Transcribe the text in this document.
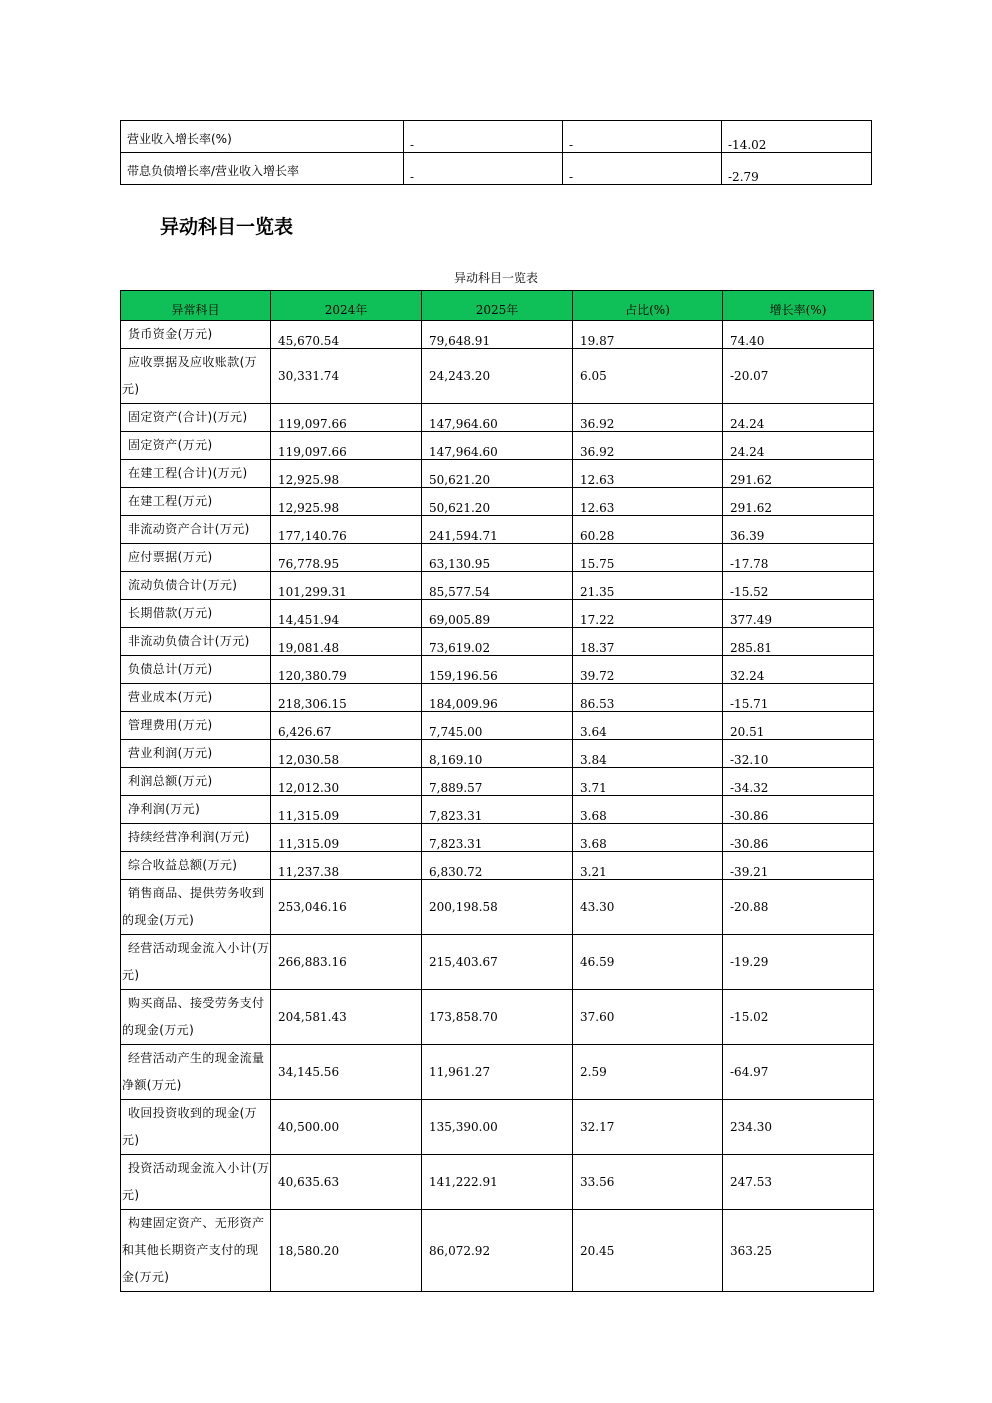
营业收入增长率(%)	-	-	-14.02
带息负债增长率/营业收入增长率	-	-	-2.79
异动科目一览表
异动科目一览表
异常科目	2024年	2025年	占比(%)	增长率(%)
货币资金(万元)	45,670.54	79,648.91	19.87	74.40
应收票据及应收账款(万元)	30,331.74	24,243.20	6.05	-20.07
固定资产(合计)(万元)	119,097.66	147,964.60	36.92	24.24
固定资产(万元)	119,097.66	147,964.60	36.92	24.24
在建工程(合计)(万元)	12,925.98	50,621.20	12.63	291.62
在建工程(万元)	12,925.98	50,621.20	12.63	291.62
非流动资产合计(万元)	177,140.76	241,594.71	60.28	36.39
应付票据(万元)	76,778.95	63,130.95	15.75	-17.78
流动负债合计(万元)	101,299.31	85,577.54	21.35	-15.52
长期借款(万元)	14,451.94	69,005.89	17.22	377.49
非流动负债合计(万元)	19,081.48	73,619.02	18.37	285.81
负债总计(万元)	120,380.79	159,196.56	39.72	32.24
营业成本(万元)	218,306.15	184,009.96	86.53	-15.71
管理费用(万元)	6,426.67	7,745.00	3.64	20.51
营业利润(万元)	12,030.58	8,169.10	3.84	-32.10
利润总额(万元)	12,012.30	7,889.57	3.71	-34.32
净利润(万元)	11,315.09	7,823.31	3.68	-30.86
持续经营净利润(万元)	11,315.09	7,823.31	3.68	-30.86
综合收益总额(万元)	11,237.38	6,830.72	3.21	-39.21
销售商品、提供劳务收到的现金(万元)	253,046.16	200,198.58	43.30	-20.88
经营活动现金流入小计(万元)	266,883.16	215,403.67	46.59	-19.29
购买商品、接受劳务支付的现金(万元)	204,581.43	173,858.70	37.60	-15.02
经营活动产生的现金流量净额(万元)	34,145.56	11,961.27	2.59	-64.97
收回投资收到的现金(万元)	40,500.00	135,390.00	32.17	234.30
投资活动现金流入小计(万元)	40,635.63	141,222.91	33.56	247.53
构建固定资产、无形资产和其他长期资产支付的现金(万元)	18,580.20	86,072.92	20.45	363.25
